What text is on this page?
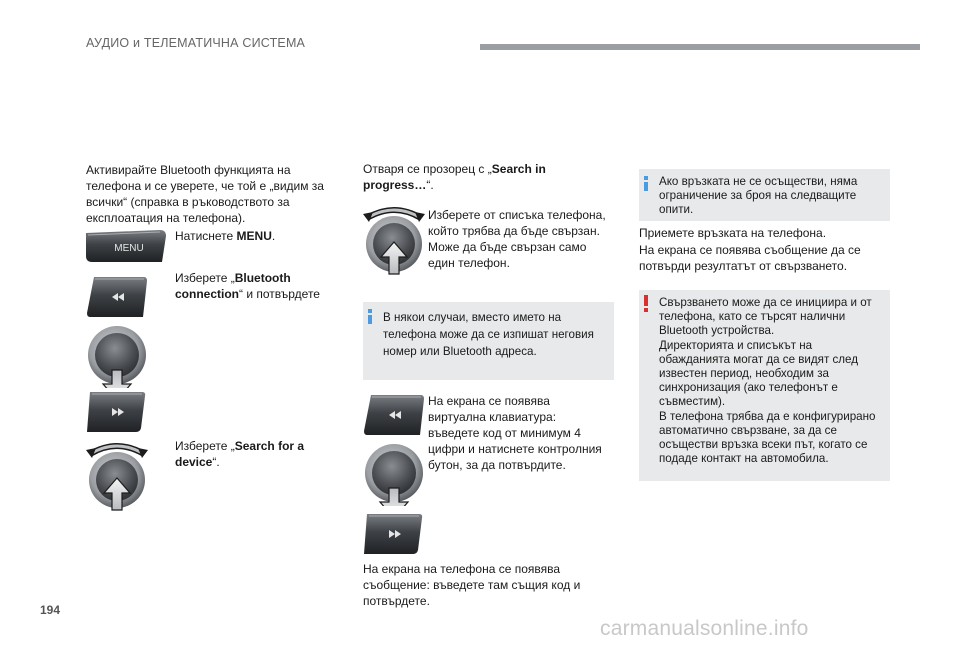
АУДИО и ТЕЛЕМАТИЧНА СИСТЕМА
Активирайте Bluetooth функцията на телефона и се уверете, че той е „видим за всички“ (справка в ръководството за експлоатация на телефона).
MENU
Натиснете MENU.
Изберете „Bluetooth connection“ и потвърдете
Изберете „Search for a device“.
Отваря се прозорец с „Search in progress…“.
Изберете от списъка телефона, който трябва да бъде свързан. Може да бъде свързан само един телефон.
В някои случаи, вместо името на телефона може да се изпишат неговия номер или Bluetooth адреса.
На екрана се появява виртуална клавиатура: въведете код от минимум 4 цифри и натиснете контролния бутон, за да потвърдите.
На екрана на телефона се появява съобщение: въведете там същия код и потвърдете.
Ако връзката не се осъществи, няма ограничение за броя на следващите опити.
Приемете връзката на телефона.
На екрана се появява съобщение да се потвърди резултатът от свързването.
Свързването може да се инициира и от телефона, като се търсят налични Bluetooth устройства.
Директорията и списъкът на обажданията могат да се видят след известен период, необходим за синхронизация (ако телефонът е съвместим).
В телефона трябва да е конфигурирано автоматично свързване, за да се осъществи връзка всеки път, когато се подаде контакт на автомобила.
194
carmanualsonline.info
